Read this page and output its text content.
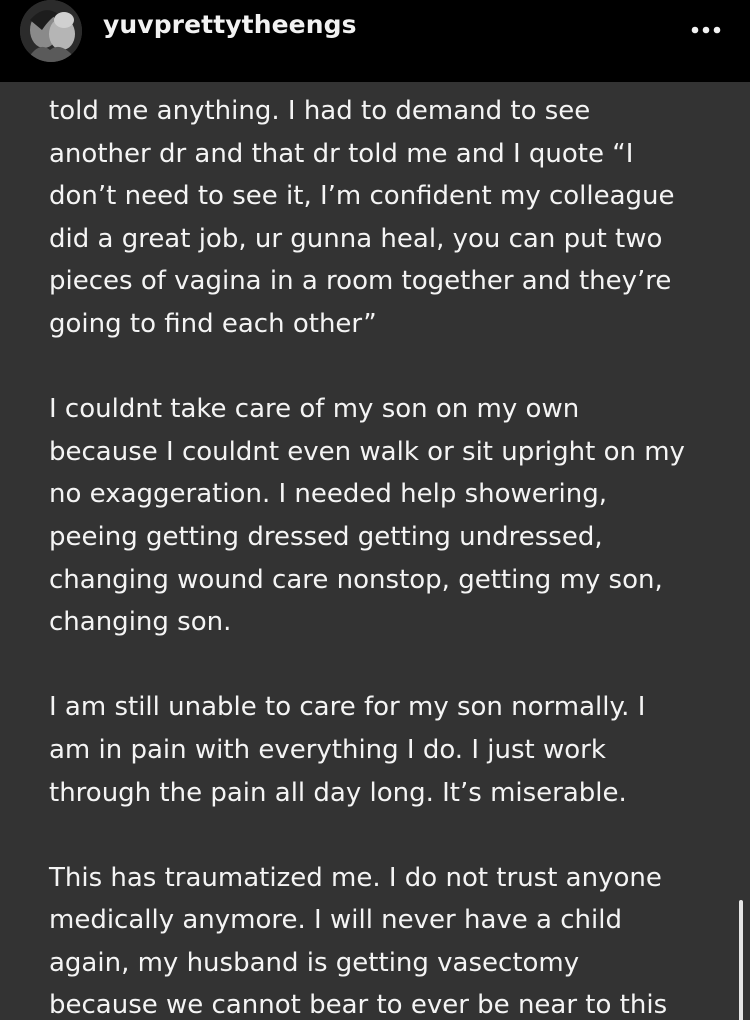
yuvprettytheengs
told me anything. I had to demand to see
another dr and that dr told me and I quote “I
don’t need to see it, I’m confident my colleague
did a great job, ur gunna heal, you can put two
pieces of vagina in a room together and they’re
going to find each other”
I couldnt take care of my son on my own
because I couldnt even walk or sit upright on my
no exaggeration. I needed help showering,
peeing getting dressed getting undressed,
changing wound care nonstop, getting my son,
changing son.
I am still unable to care for my son normally. I
am in pain with everything I do. I just work
through the pain all day long. It’s miserable.
This has traumatized me. I do not trust anyone
medically anymore. I will never have a child
again, my husband is getting vasectomy
because we cannot bear to ever be near to this
